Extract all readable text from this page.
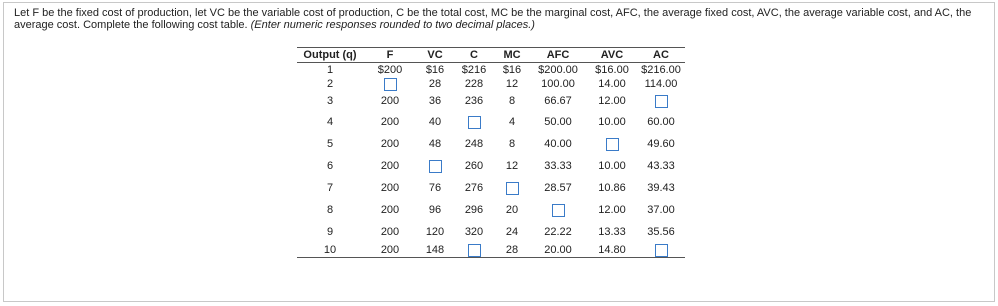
Let F be the fixed cost of production, let VC be the variable cost of production, C be the total cost, MC be the marginal cost, AFC, the average fixed cost, AVC, the average variable cost, and AC, the average cost. Complete the following cost table. (Enter numeric responses rounded to two decimal places.)
Output (q)	F	VC	C	MC	AFC	AVC	AC
1	$200	$16	$216	$16	$200.00	$16.00	$216.00
2		28	228	12	100.00	14.00	114.00
3	200	36	236	8	66.67	12.00	
4	200	40		4	50.00	10.00	60.00
5	200	48	248	8	40.00		49.60
6	200		260	12	33.33	10.00	43.33
7	200	76	276		28.57	10.86	39.43
8	200	96	296	20		12.00	37.00
9	200	120	320	24	22.22	13.33	35.56
10	200	148		28	20.00	14.80	
